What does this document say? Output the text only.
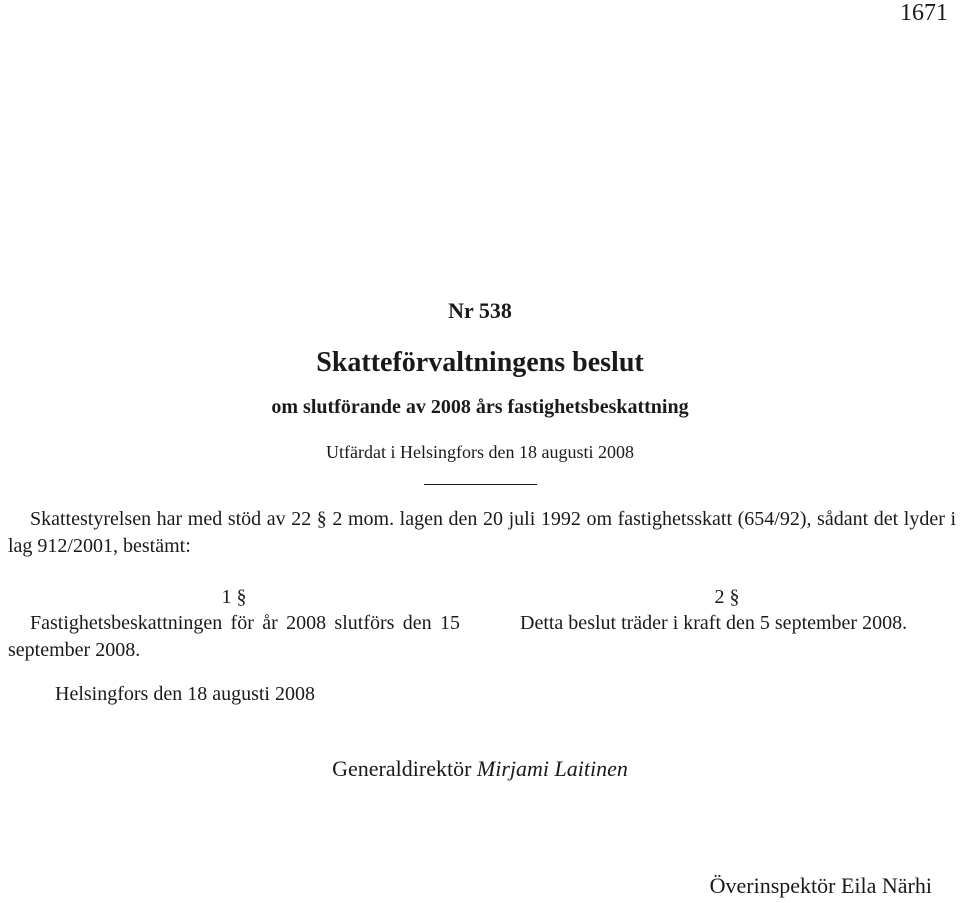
1671
Nr 538
Skatteförvaltningens beslut
om slutförande av 2008 års fastighetsbeskattning
Utfärdat i Helsingfors den 18 augusti 2008
Skattestyrelsen har med stöd av 22 § 2 mom. lagen den 20 juli 1992 om fastighetsskatt (654/92), sådant det lyder i lag 912/2001, bestämt:
1 §
Fastighetsbeskattningen för år 2008 slutförs den 15 september 2008.
2 §
Detta beslut träder i kraft den 5 september 2008.
Helsingfors den 18 augusti 2008
Generaldirektör Mirjami Laitinen
Överinspektör Eila Närhi
